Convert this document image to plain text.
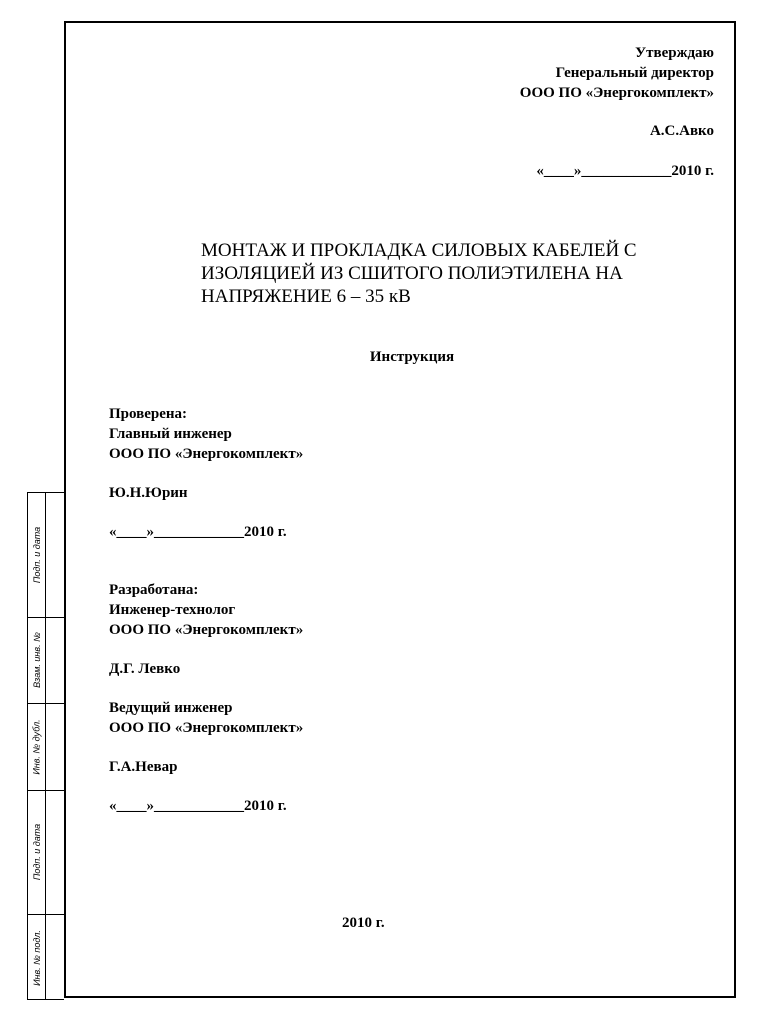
Утверждаю
Генеральный директор
ООО ПО «Энергокомплект»
А.С.Авко
«____»____________2010 г.
МОНТАЖ И ПРОКЛАДКА СИЛОВЫХ КАБЕЛЕЙ С
ИЗОЛЯЦИЕЙ ИЗ СШИТОГО ПОЛИЭТИЛЕНА НА
НАПРЯЖЕНИЕ 6 – 35 кВ
Инструкция
Проверена:
Главный инженер
ООО ПО «Энергокомплект»
Ю.Н.Юрин
«____»____________2010 г.
Разработана:
Инженер-технолог
ООО ПО «Энергокомплект»
Д.Г. Левко
Ведущий инженер
ООО ПО «Энергокомплект»
Г.А.Невар
«____»____________2010 г.
2010 г.
Подп. и дата
Взам. инв. №
Инв. № дубл.
Подп. и дата
Инв. № подл.
